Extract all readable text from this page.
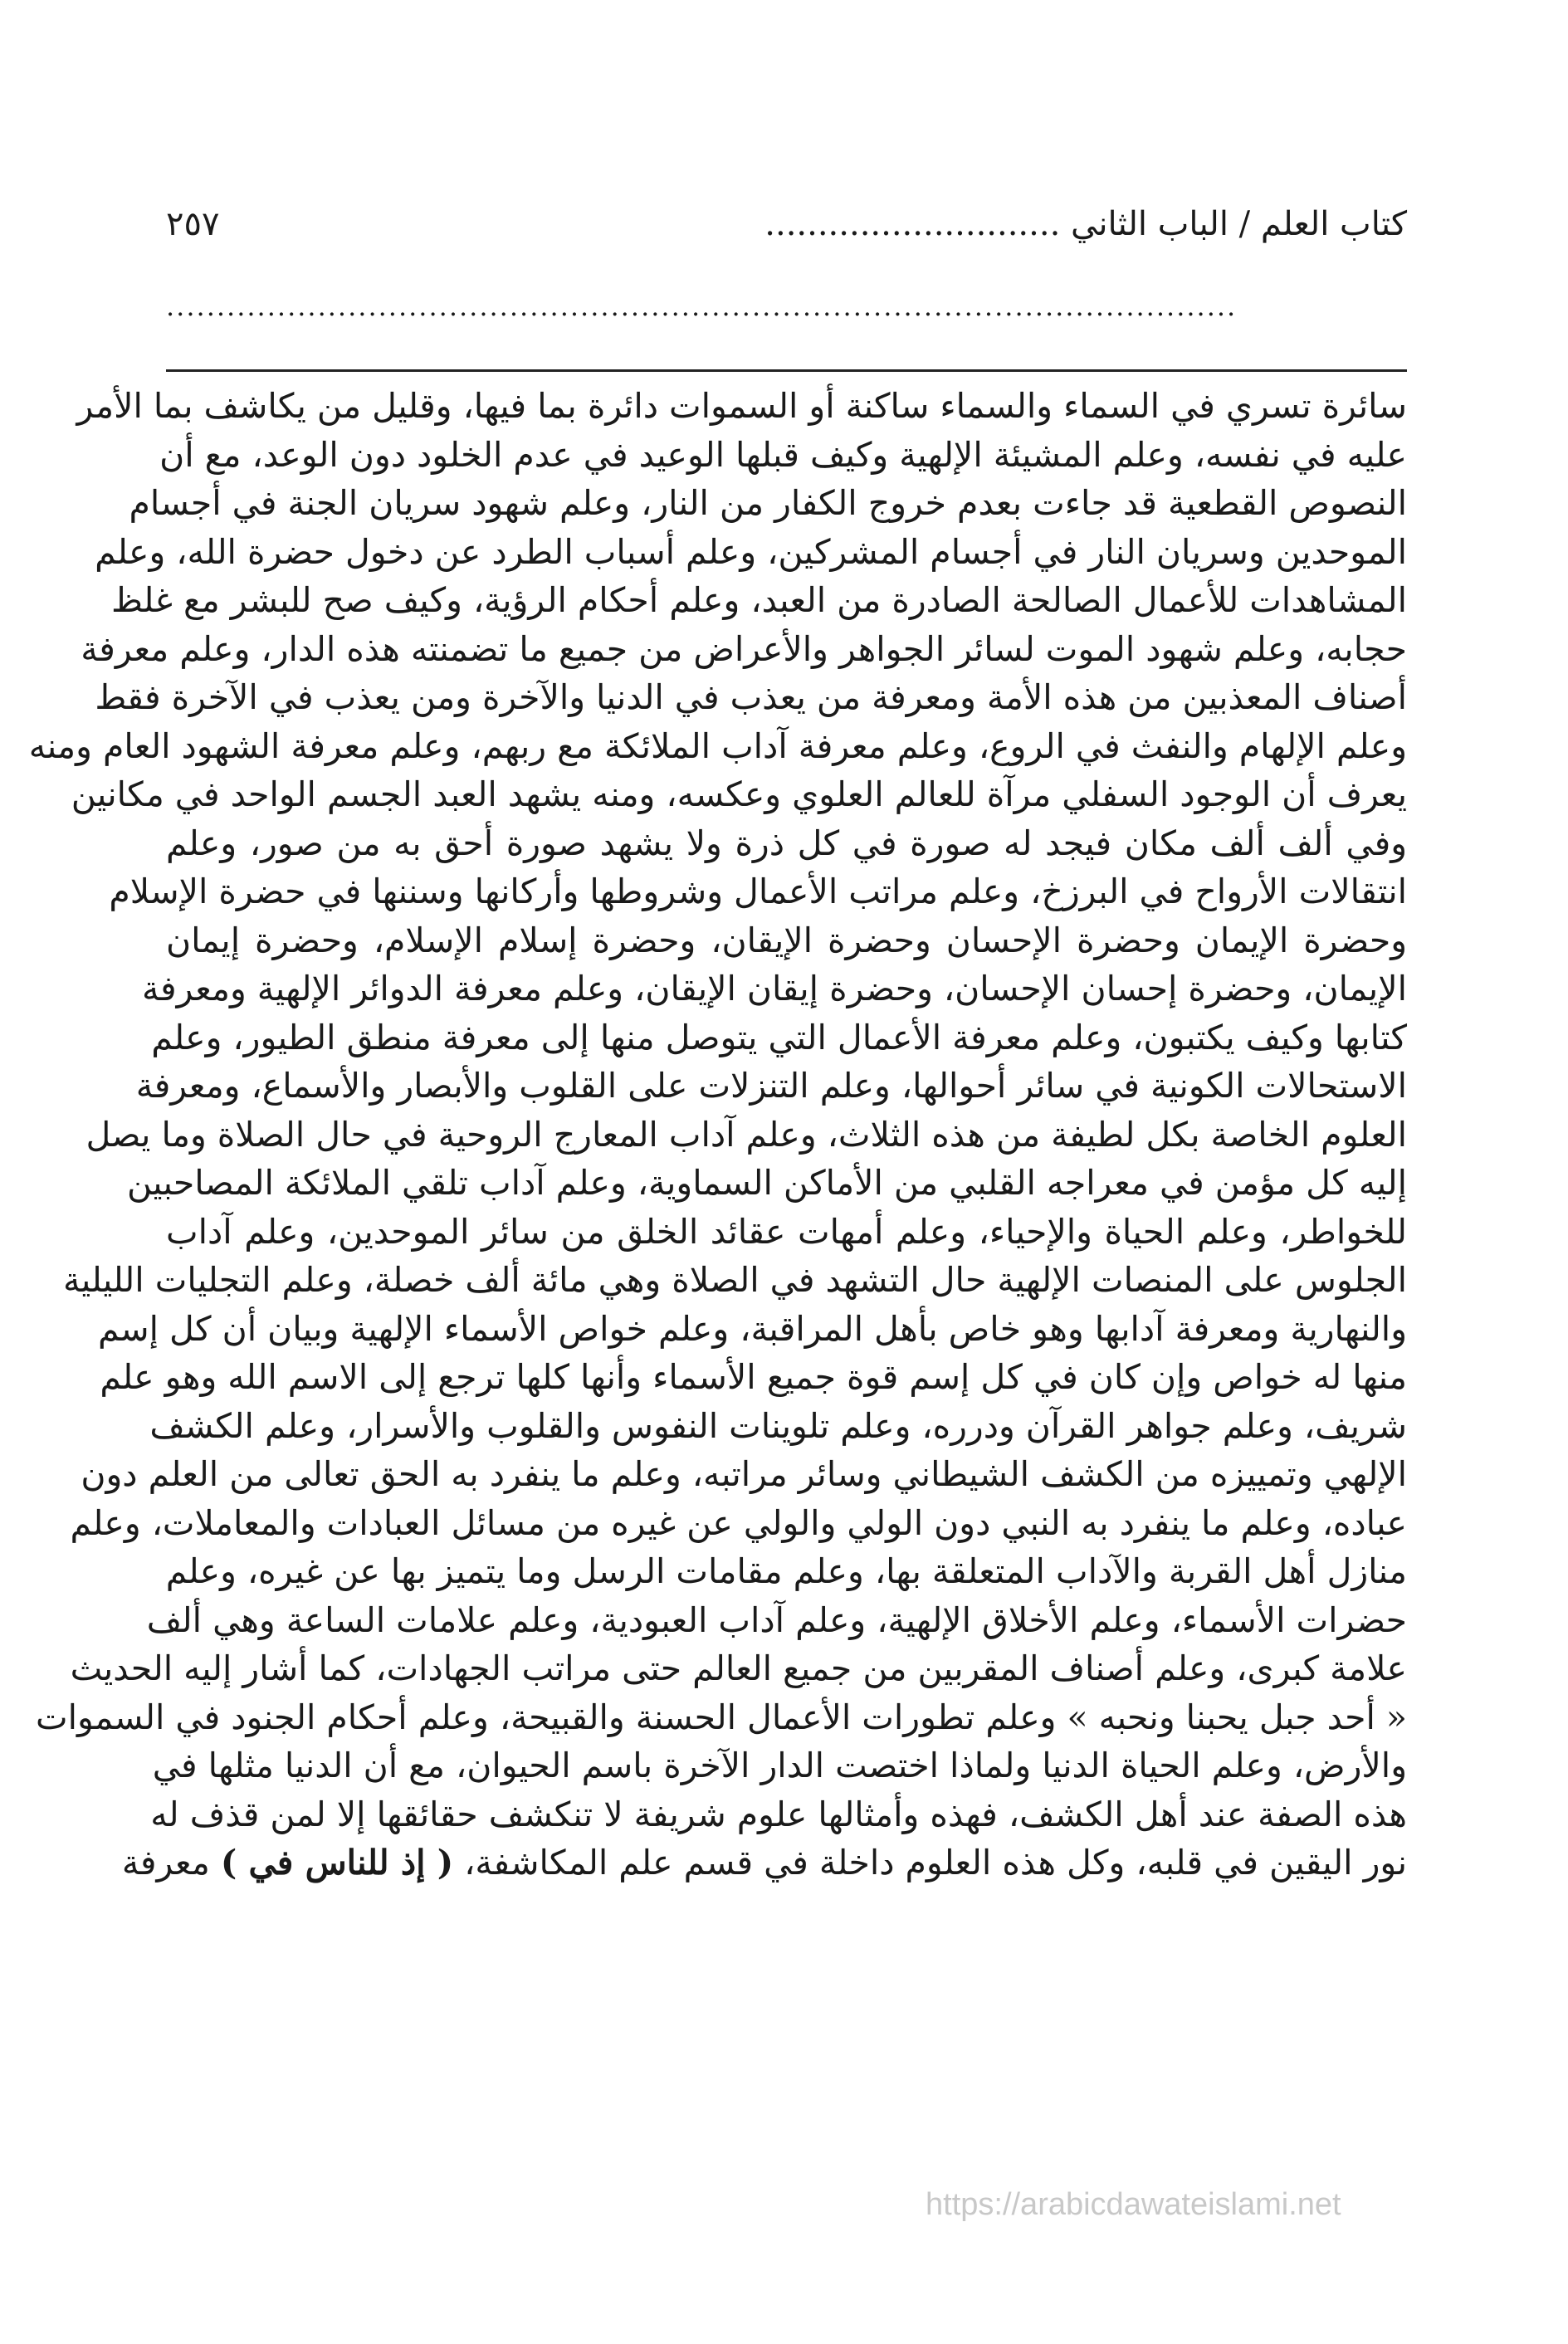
كتاب العلم / الباب الثاني ............................
٢٥٧
..........................................................................................................
سائرة تسري في السماء والسماء ساكنة أو السموات دائرة بما فيها، وقليل من يكاشف بما الأمر
عليه في نفسه، وعلم المشيئة الإلهية وكيف قبلها الوعيد في عدم الخلود دون الوعد، مع أن
النصوص القطعية قد جاءت بعدم خروج الكفار من النار، وعلم شهود سريان الجنة في أجسام
الموحدين وسريان النار في أجسام المشركين، وعلم أسباب الطرد عن دخول حضرة الله، وعلم
المشاهدات للأعمال الصالحة الصادرة من العبد، وعلم أحكام الرؤية، وكيف صح للبشر مع غلظ
حجابه، وعلم شهود الموت لسائر الجواهر والأعراض من جميع ما تضمنته هذه الدار، وعلم معرفة
أصناف المعذبين من هذه الأمة ومعرفة من يعذب في الدنيا والآخرة ومن يعذب في الآخرة فقط
وعلم الإلهام والنفث في الروع، وعلم معرفة آداب الملائكة مع ربهم، وعلم معرفة الشهود العام ومنه
يعرف أن الوجود السفلي مرآة للعالم العلوي وعكسه، ومنه يشهد العبد الجسم الواحد في مكانين
وفي ألف ألف مكان فيجد له صورة في كل ذرة ولا يشهد صورة أحق به من صور، وعلم
انتقالات الأرواح في البرزخ، وعلم مراتب الأعمال وشروطها وأركانها وسننها في حضرة الإسلام
وحضرة الإيمان وحضرة الإحسان وحضرة الإيقان، وحضرة إسلام الإسلام، وحضرة إيمان
الإيمان، وحضرة إحسان الإحسان، وحضرة إيقان الإيقان، وعلم معرفة الدوائر الإلهية ومعرفة
كتابها وكيف يكتبون، وعلم معرفة الأعمال التي يتوصل منها إلى معرفة منطق الطيور، وعلم
الاستحالات الكونية في سائر أحوالها، وعلم التنزلات على القلوب والأبصار والأسماع، ومعرفة
العلوم الخاصة بكل لطيفة من هذه الثلاث، وعلم آداب المعارج الروحية في حال الصلاة وما يصل
إليه كل مؤمن في معراجه القلبي من الأماكن السماوية، وعلم آداب تلقي الملائكة المصاحبين
للخواطر، وعلم الحياة والإحياء، وعلم أمهات عقائد الخلق من سائر الموحدين، وعلم آداب
الجلوس على المنصات الإلهية حال التشهد في الصلاة وهي مائة ألف خصلة، وعلم التجليات الليلية
والنهارية ومعرفة آدابها وهو خاص بأهل المراقبة، وعلم خواص الأسماء الإلهية وبيان أن كل إسم
منها له خواص وإن كان في كل إسم قوة جميع الأسماء وأنها كلها ترجع إلى الاسم الله وهو علم
شريف، وعلم جواهر القرآن ودرره، وعلم تلوينات النفوس والقلوب والأسرار، وعلم الكشف
الإلهي وتمييزه من الكشف الشيطاني وسائر مراتبه، وعلم ما ينفرد به الحق تعالى من العلم دون
عباده، وعلم ما ينفرد به النبي دون الولي والولي عن غيره من مسائل العبادات والمعاملات، وعلم
منازل أهل القربة والآداب المتعلقة بها، وعلم مقامات الرسل وما يتميز بها عن غيره، وعلم
حضرات الأسماء، وعلم الأخلاق الإلهية، وعلم آداب العبودية، وعلم علامات الساعة وهي ألف
علامة كبرى، وعلم أصناف المقربين من جميع العالم حتى مراتب الجهادات، كما أشار إليه الحديث
« أحد جبل يحبنا ونحبه » وعلم تطورات الأعمال الحسنة والقبيحة، وعلم أحكام الجنود في السموات
والأرض، وعلم الحياة الدنيا ولماذا اختصت الدار الآخرة باسم الحيوان، مع أن الدنيا مثلها في
هذه الصفة عند أهل الكشف، فهذه وأمثالها علوم شريفة لا تنكشف حقائقها إلا لمن قذف له
نور اليقين في قلبه، وكل هذه العلوم داخلة في قسم علم المكاشفة، ( إذ للناس في ) معرفة
https://arabicdawateislami.net
